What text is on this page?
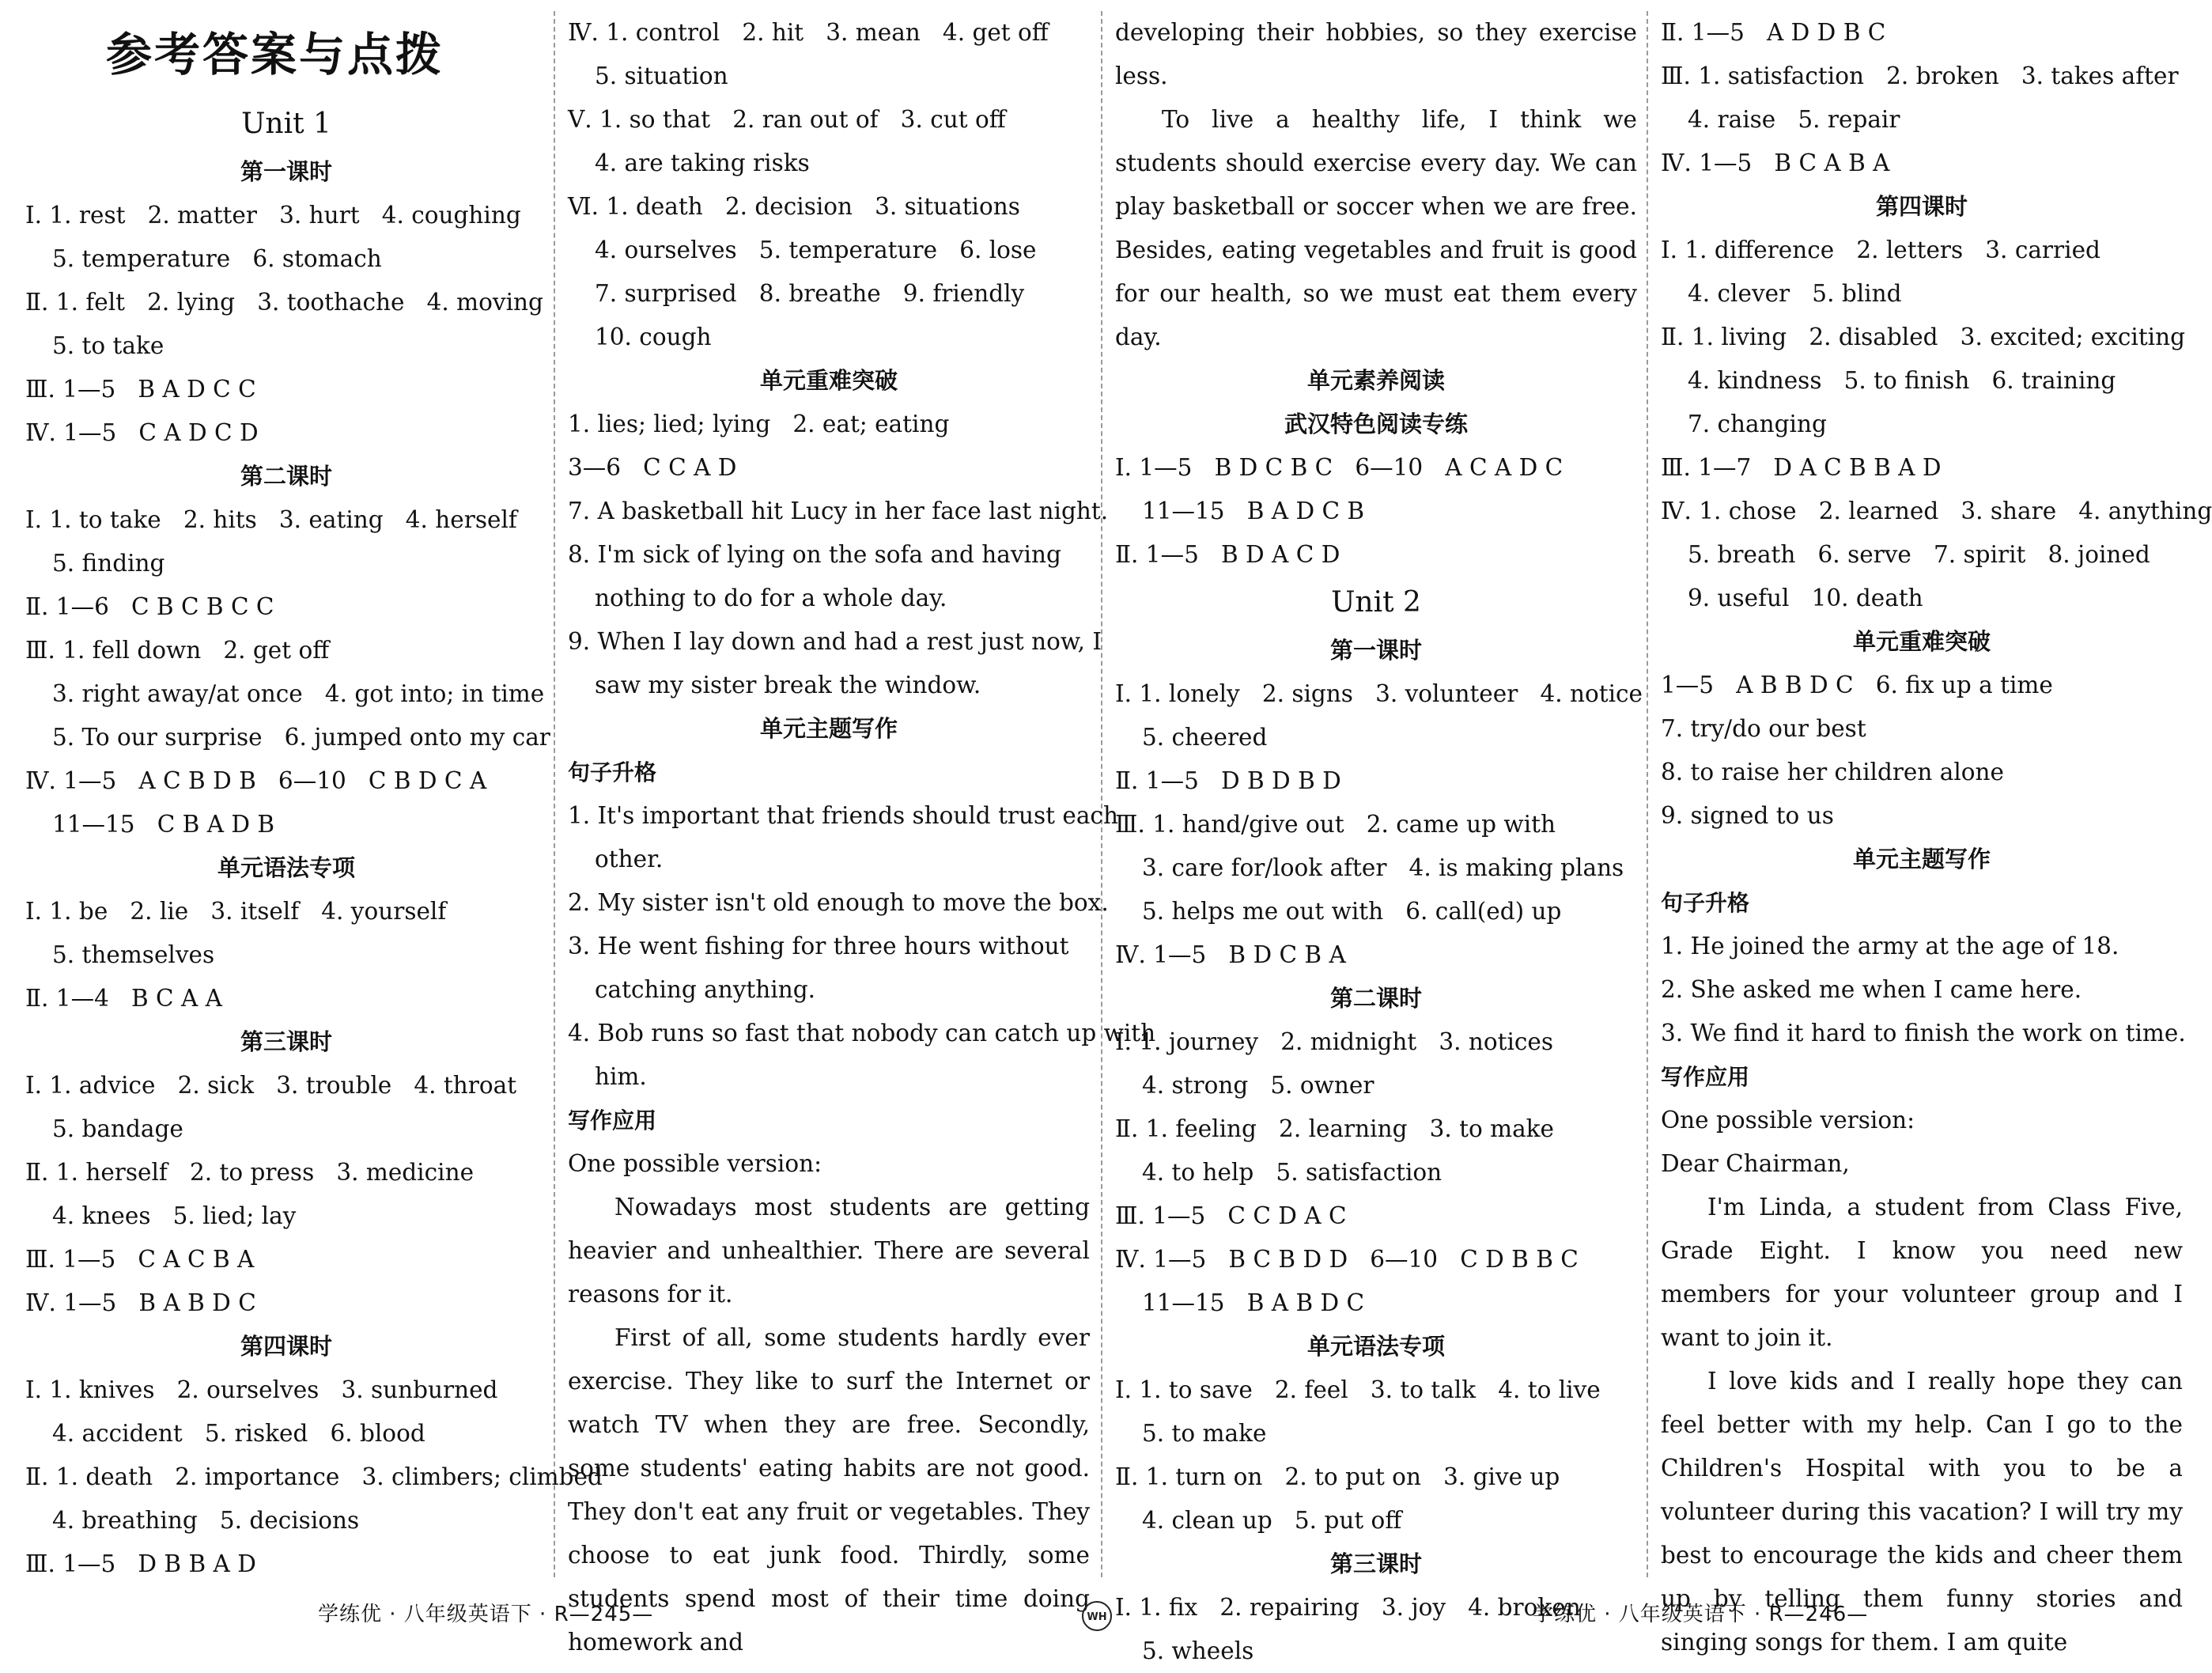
参考答案与点拨
Unit 1
第一课时
Ⅰ. 1. rest   2. matter   3. hurt   4. coughing
5. temperature   6. stomach
Ⅱ. 1. felt   2. lying   3. toothache   4. moving
5. to take
Ⅲ. 1—5   B A D C C
Ⅳ. 1—5   C A D C D
第二课时
Ⅰ. 1. to take   2. hits   3. eating   4. herself
5. finding
Ⅱ. 1—6   C B C B C C
Ⅲ. 1. fell down   2. get off
3. right away/at once   4. got into; in time
5. To our surprise   6. jumped onto my car
Ⅳ. 1—5   A C B D B   6—10   C B D C A
11—15   C B A D B
单元语法专项
Ⅰ. 1. be   2. lie   3. itself   4. yourself
5. themselves
Ⅱ. 1—4   B C A A
第三课时
Ⅰ. 1. advice   2. sick   3. trouble   4. throat
5. bandage
Ⅱ. 1. herself   2. to press   3. medicine
4. knees   5. lied; lay
Ⅲ. 1—5   C A C B A
Ⅳ. 1—5   B A B D C
第四课时
Ⅰ. 1. knives   2. ourselves   3. sunburned
4. accident   5. risked   6. blood
Ⅱ. 1. death   2. importance   3. climbers; climbed
4. breathing   5. decisions
Ⅲ. 1—5   D B B A D
Ⅳ. 1. control   2. hit   3. mean   4. get off
5. situation
Ⅴ. 1. so that   2. ran out of   3. cut off
4. are taking risks
Ⅵ. 1. death   2. decision   3. situations
4. ourselves   5. temperature   6. lose
7. surprised   8. breathe   9. friendly
10. cough
单元重难突破
1. lies; lied; lying   2. eat; eating
3—6   C C A D
7. A basketball hit Lucy in her face last night.
8. I'm sick of lying on the sofa and having
nothing to do for a whole day.
9. When I lay down and had a rest just now, I
saw my sister break the window.
单元主题写作
句子升格
1. It's important that friends should trust each
other.
2. My sister isn't old enough to move the box.
3. He went fishing for three hours without
catching anything.
4. Bob runs so fast that nobody can catch up with
him.
写作应用
One possible version:

Nowadays most students are getting heavier and unhealthier. There are several reasons for it.

First of all, some students hardly ever exercise. They like to surf the Internet or watch TV when they are free. Secondly, some students' eating habits are not good. They don't eat any fruit or vegetables. They choose to eat junk food. Thirdly, some students spend most of their time doing homework and

developing their hobbies, so they exercise less.

To live a healthy life, I think we students should exercise every day. We can play basketball or soccer when we are free. Besides, eating vegetables and fruit is good for our health, so we must eat them every day.

单元素养阅读
武汉特色阅读专练
Ⅰ. 1—5   B D C B C   6—10   A C A D C
11—15   B A D C B
Ⅱ. 1—5   B D A C D
Unit 2
第一课时
Ⅰ. 1. lonely   2. signs   3. volunteer   4. notice
5. cheered
Ⅱ. 1—5   D B D B D
Ⅲ. 1. hand/give out   2. came up with
3. care for/look after   4. is making plans
5. helps me out with   6. call(ed) up
Ⅳ. 1—5   B D C B A
第二课时
Ⅰ. 1. journey   2. midnight   3. notices
4. strong   5. owner
Ⅱ. 1. feeling   2. learning   3. to make
4. to help   5. satisfaction
Ⅲ. 1—5   C C D A C
Ⅳ. 1—5   B C B D D   6—10   C D B B C
11—15   B A B D C
单元语法专项
Ⅰ. 1. to save   2. feel   3. to talk   4. to live
5. to make
Ⅱ. 1. turn on   2. to put on   3. give up
4. clean up   5. put off
第三课时
Ⅰ. 1. fix   2. repairing   3. joy   4. broken
5. wheels
Ⅱ. 1—5   A D D B C
Ⅲ. 1. satisfaction   2. broken   3. takes after
4. raise   5. repair
Ⅳ. 1—5   B C A B A
第四课时
Ⅰ. 1. difference   2. letters   3. carried
4. clever   5. blind
Ⅱ. 1. living   2. disabled   3. excited; exciting
4. kindness   5. to finish   6. training
7. changing
Ⅲ. 1—7   D A C B B A D
Ⅳ. 1. chose   2. learned   3. share   4. anything
5. breath   6. serve   7. spirit   8. joined
9. useful   10. death
单元重难突破
1—5   A B B D C   6. fix up a time
7. try/do our best
8. to raise her children alone
9. signed to us
单元主题写作
句子升格
1. He joined the army at the age of 18.
2. She asked me when I came here.
3. We find it hard to finish the work on time.
写作应用
One possible version:
Dear Chairman,

I'm Linda, a student from Class Five, Grade Eight. I know you need new members for your volunteer group and I want to join it.

I love kids and I really hope they can feel better with my help. Can I go to the Children's Hospital with you to be a volunteer during this vacation? I will try my best to encourage the kids and cheer them up by telling them funny stories and singing songs for them. I am quite

学练优 · 八年级英语下 · R—245—	学练优 · 八年级英语下 · R—246—
WH
